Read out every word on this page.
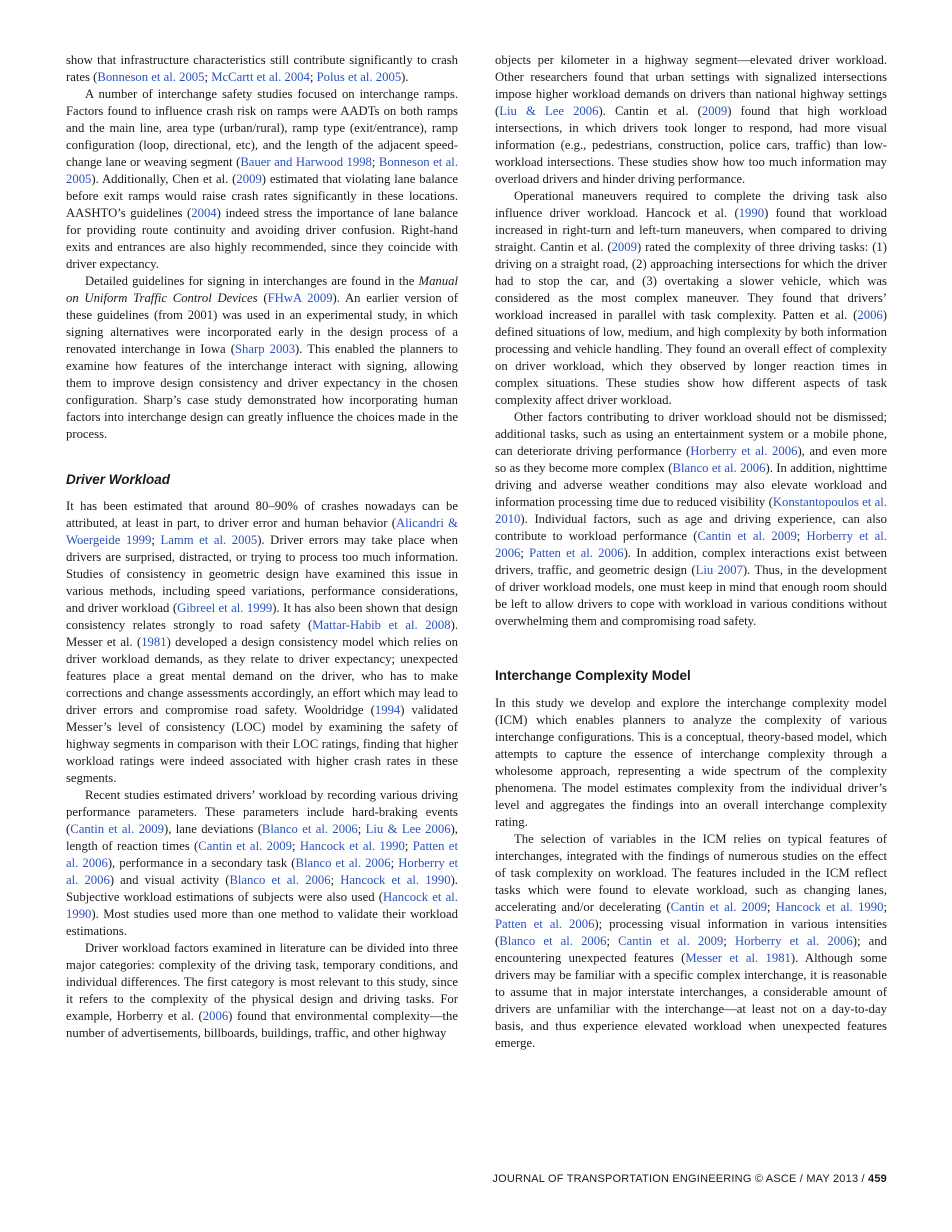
show that infrastructure characteristics still contribute significantly to crash rates (Bonneson et al. 2005; McCartt et al. 2004; Polus et al. 2005).

A number of interchange safety studies focused on interchange ramps. Factors found to influence crash risk on ramps were AADTs on both ramps and the main line, area type (urban/rural), ramp type (exit/entrance), ramp configuration (loop, directional, etc), and the length of the adjacent speed-change lane or weaving segment (Bauer and Harwood 1998; Bonneson et al. 2005). Additionally, Chen et al. (2009) estimated that violating lane balance before exit ramps would raise crash rates significantly in these locations. AASHTO’s guidelines (2004) indeed stress the importance of lane balance for providing route continuity and avoiding driver confusion. Right-hand exits and entrances are also highly recommended, since they coincide with driver expectancy.

Detailed guidelines for signing in interchanges are found in the Manual on Uniform Traffic Control Devices (FHwA 2009). An earlier version of these guidelines (from 2001) was used in an experimental study, in which signing alternatives were incorporated early in the design process of a renovated interchange in Iowa (Sharp 2003). This enabled the planners to examine how features of the interchange interact with signing, allowing them to improve design consistency and driver expectancy in the chosen configuration. Sharp’s case study demonstrated how incorporating human factors into interchange design can greatly influence the choices made in the process.

Driver Workload

It has been estimated that around 80–90% of crashes nowadays can be attributed, at least in part, to driver error and human behavior (Alicandri & Woergeide 1999; Lamm et al. 2005). Driver errors may take place when drivers are surprised, distracted, or trying to process too much information. Studies of consistency in geometric design have examined this issue in various methods, including speed variations, performance considerations, and driver workload (Gibreel et al. 1999). It has also been shown that design consistency relates strongly to road safety (Mattar-Habib et al. 2008). Messer et al. (1981) developed a design consistency model which relies on driver workload demands, as they relate to driver expectancy; unexpected features place a great mental demand on the driver, who has to make corrections and change assessments accordingly, an effort which may lead to driver errors and compromise road safety. Wooldridge (1994) validated Messer’s level of consistency (LOC) model by examining the safety of highway segments in comparison with their LOC ratings, finding that higher workload ratings were indeed associated with higher crash rates in these segments.

Recent studies estimated drivers’ workload by recording various driving performance parameters. These parameters include hard-braking events (Cantin et al. 2009), lane deviations (Blanco et al. 2006; Liu & Lee 2006), length of reaction times (Cantin et al. 2009; Hancock et al. 1990; Patten et al. 2006), performance in a secondary task (Blanco et al. 2006; Horberry et al. 2006) and visual activity (Blanco et al. 2006; Hancock et al. 1990). Subjective workload estimations of subjects were also used (Hancock et al. 1990). Most studies used more than one method to validate their workload estimations.

Driver workload factors examined in literature can be divided into three major categories: complexity of the driving task, temporary conditions, and individual differences. The first category is most relevant to this study, since it refers to the complexity of the physical design and driving tasks. For example, Horberry et al. (2006) found that environmental complexity—the number of advertisements, billboards, buildings, traffic, and other highway

objects per kilometer in a highway segment—elevated driver workload. Other researchers found that urban settings with signalized intersections impose higher workload demands on drivers than national highway settings (Liu & Lee 2006). Cantin et al. (2009) found that high workload intersections, in which drivers took longer to respond, had more visual information (e.g., pedestrians, construction, police cars, traffic) than low-workload intersections. These studies show how too much information may overload drivers and hinder driving performance.

Operational maneuvers required to complete the driving task also influence driver workload. Hancock et al. (1990) found that workload increased in right-turn and left-turn maneuvers, when compared to driving straight. Cantin et al. (2009) rated the complexity of three driving tasks: (1) driving on a straight road, (2) approaching intersections for which the driver had to stop the car, and (3) overtaking a slower vehicle, which was considered as the most complex maneuver. They found that drivers’ workload increased in parallel with task complexity. Patten et al. (2006) defined situations of low, medium, and high complexity by both information processing and vehicle handling. They found an overall effect of complexity on driver workload, which they observed by longer reaction times in complex situations. These studies show how different aspects of task complexity affect driver workload.

Other factors contributing to driver workload should not be dismissed; additional tasks, such as using an entertainment system or a mobile phone, can deteriorate driving performance (Horberry et al. 2006), and even more so as they become more complex (Blanco et al. 2006). In addition, nighttime driving and adverse weather conditions may also elevate workload and information processing time due to reduced visibility (Konstantopoulos et al. 2010). Individual factors, such as age and driving experience, can also contribute to workload performance (Cantin et al. 2009; Horberry et al. 2006; Patten et al. 2006). In addition, complex interactions exist between drivers, traffic, and geometric design (Liu 2007). Thus, in the development of driver workload models, one must keep in mind that enough room should be left to allow drivers to cope with workload in various conditions without overwhelming them and compromising road safety.

Interchange Complexity Model

In this study we develop and explore the interchange complexity model (ICM) which enables planners to analyze the complexity of various interchange configurations. This is a conceptual, theory-based model, which attempts to capture the essence of interchange complexity through a wholesome approach, representing a wide spectrum of the complexity phenomena. The model estimates complexity from the individual driver’s level and aggregates the findings into an overall interchange complexity rating.

The selection of variables in the ICM relies on typical features of interchanges, integrated with the findings of numerous studies on the effect of task complexity on workload. The features included in the ICM reflect tasks which were found to elevate workload, such as changing lanes, accelerating and/or decelerating (Cantin et al. 2009; Hancock et al. 1990; Patten et al. 2006); processing visual information in various intensities (Blanco et al. 2006; Cantin et al. 2009; Horberry et al. 2006); and encountering unexpected features (Messer et al. 1981). Although some drivers may be familiar with a specific complex interchange, it is reasonable to assume that in major interstate interchanges, a considerable amount of drivers are unfamiliar with the interchange—at least not on a day-to-day basis, and thus experience elevated workload when unexpected features emerge.

JOURNAL OF TRANSPORTATION ENGINEERING © ASCE / MAY 2013 / 459
